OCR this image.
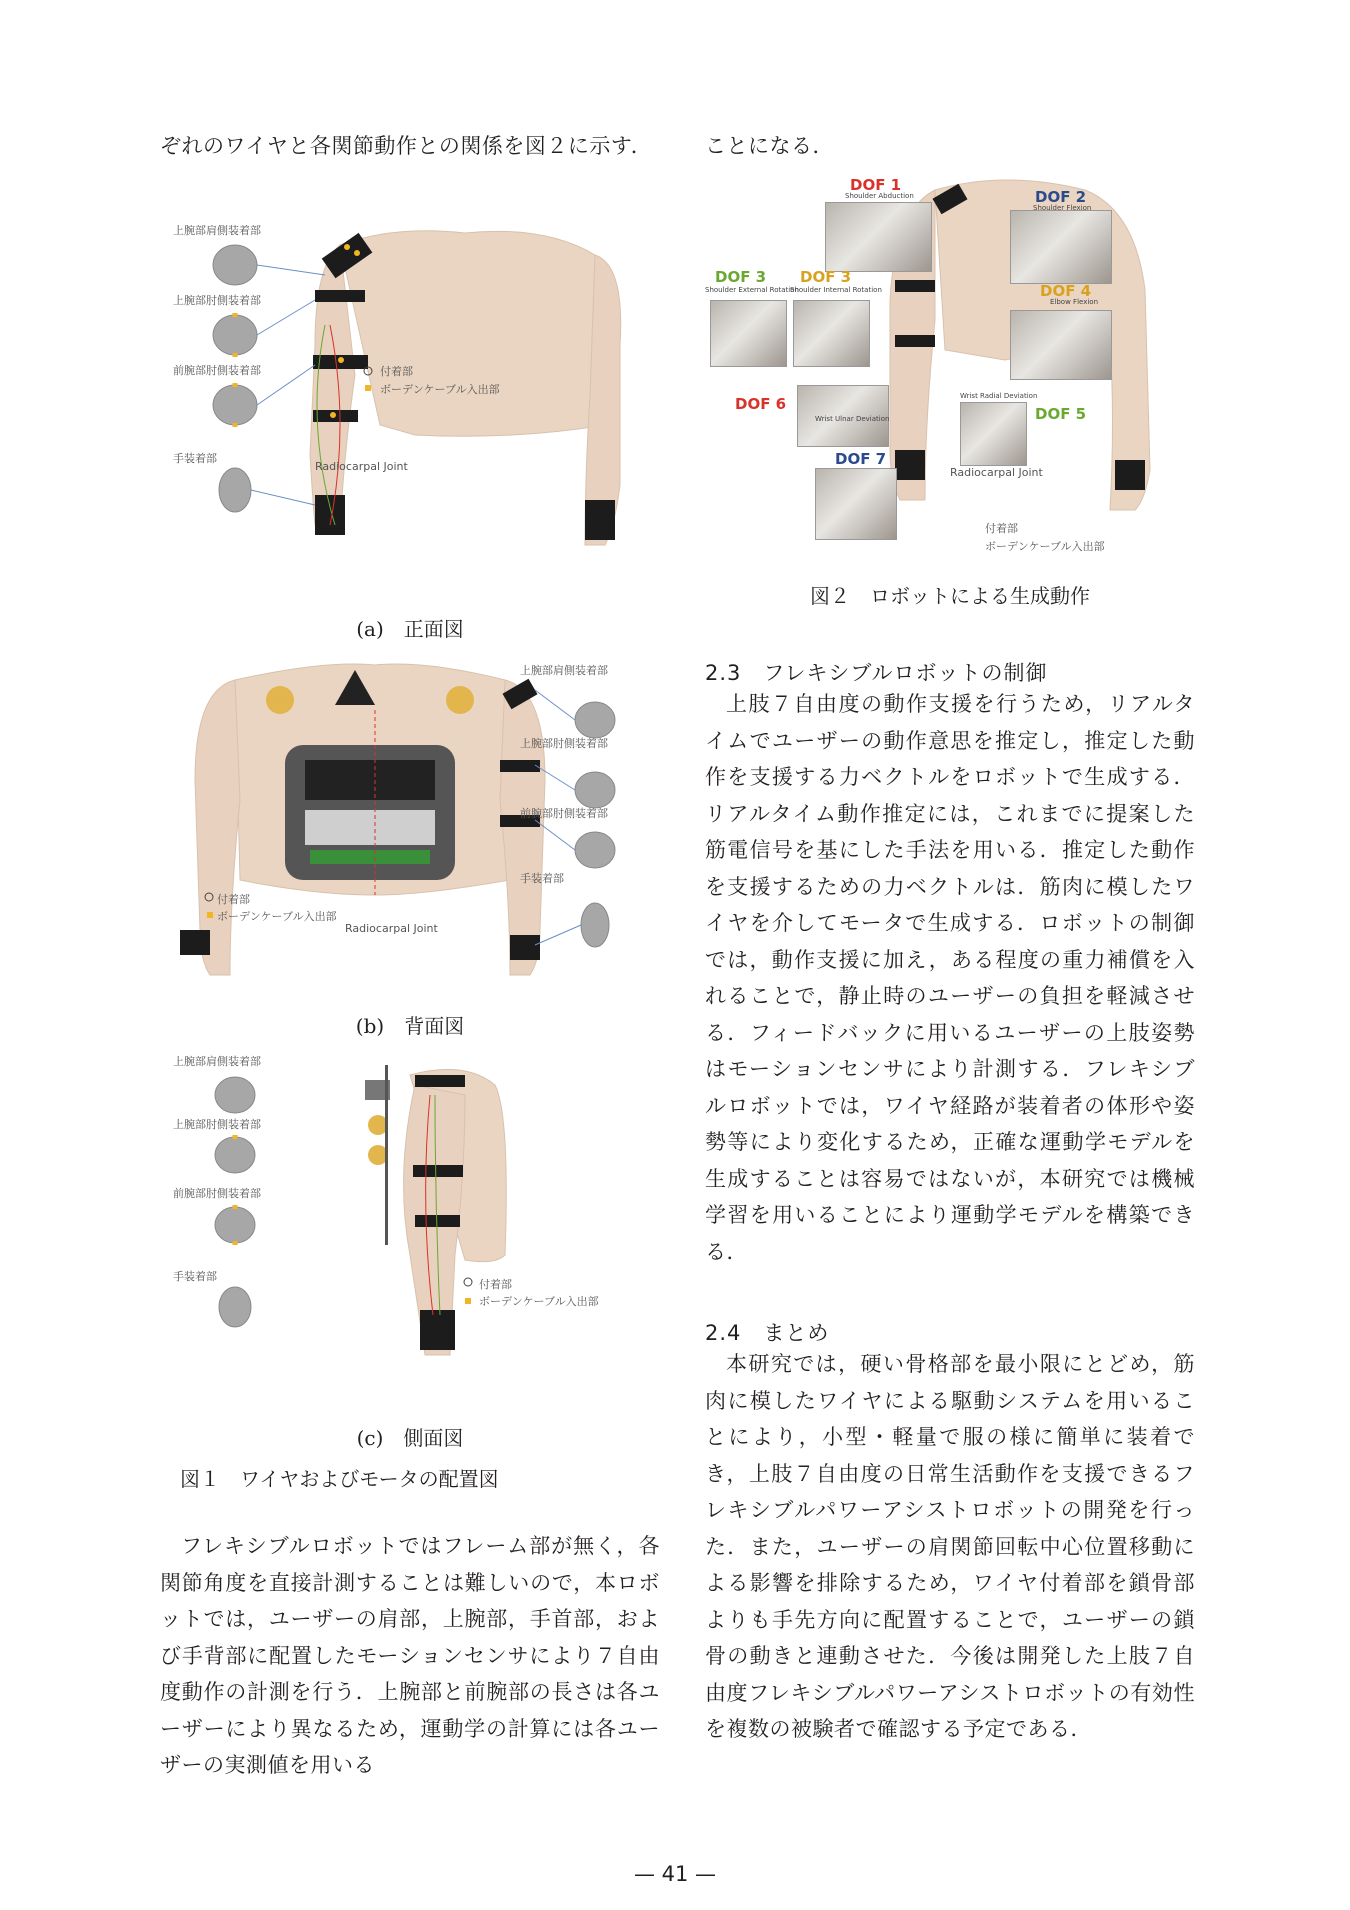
ぞれのワイヤと各関節動作との関係を図２に示す．

上腕部肩側装着部
上腕部肘側装着部
前腕部肘側装着部
手装着部
付着部
ボーデンケーブル入出部
Radiocarpal Joint

(a)　正面図

上腕部肩側装着部
上腕部肘側装着部
前腕部肘側装着部
手装着部
付着部
ボーデンケーブル入出部
Radiocarpal Joint

(b)　背面図

上腕部肩側装着部
上腕部肘側装着部
前腕部肘側装着部
手装着部
付着部
ボーデンケーブル入出部

(c)　側面図

図１　ワイヤおよびモータの配置図

フレキシブルロボットではフレーム部が無く，各関節角度を直接計測することは難しいので，本ロボットでは，ユーザーの肩部，上腕部，手首部，および手背部に配置したモーションセンサにより７自由度動作の計測を行う．上腕部と前腕部の長さは各ユーザーにより異なるため，運動学の計算には各ユーザーの実測値を用いる

ことになる．

DOF 1
Shoulder Abduction	DOF 2
Shoulder Flexion
DOF 3
Shoulder External Rotation
DOF 3
Shoulder Internal Rotation	DOF 4
Elbow Flexion
DOF 5
Wrist Radial Deviation
DOF 6
Wrist Ulnar Deviation
DOF 7
Radiocarpal Joint
付着部
ボーデンケーブル入出部

図２　ロボットによる生成動作

2.3　フレキシブルロボットの制御

上肢７自由度の動作支援を行うため，リアルタイムでユーザーの動作意思を推定し，推定した動作を支援する力ベクトルをロボットで生成する．リアルタイム動作推定には，これまでに提案した筋電信号を基にした手法を用いる．推定した動作を支援するための力ベクトルは．筋肉に模したワイヤを介してモータで生成する．ロボットの制御では，動作支援に加え，ある程度の重力補償を入れることで，静止時のユーザーの負担を軽減させる．フィードバックに用いるユーザーの上肢姿勢はモーションセンサにより計測する．フレキシブルロボットでは，ワイヤ経路が装着者の体形や姿勢等により変化するため，正確な運動学モデルを生成することは容易ではないが，本研究では機械学習を用いることにより運動学モデルを構築できる．

2.4　まとめ

本研究では，硬い骨格部を最小限にとどめ，筋肉に模したワイヤによる駆動システムを用いることにより，小型・軽量で服の様に簡単に装着でき，上肢７自由度の日常生活動作を支援できるフレキシブルパワーアシストロボットの開発を行った．また，ユーザーの肩関節回転中心位置移動による影響を排除するため，ワイヤ付着部を鎖骨部よりも手先方向に配置することで，ユーザーの鎖骨の動きと連動させた．今後は開発した上肢７自由度フレキシブルパワーアシストロボットの有効性を複数の被験者で確認する予定である．

— 41 —
